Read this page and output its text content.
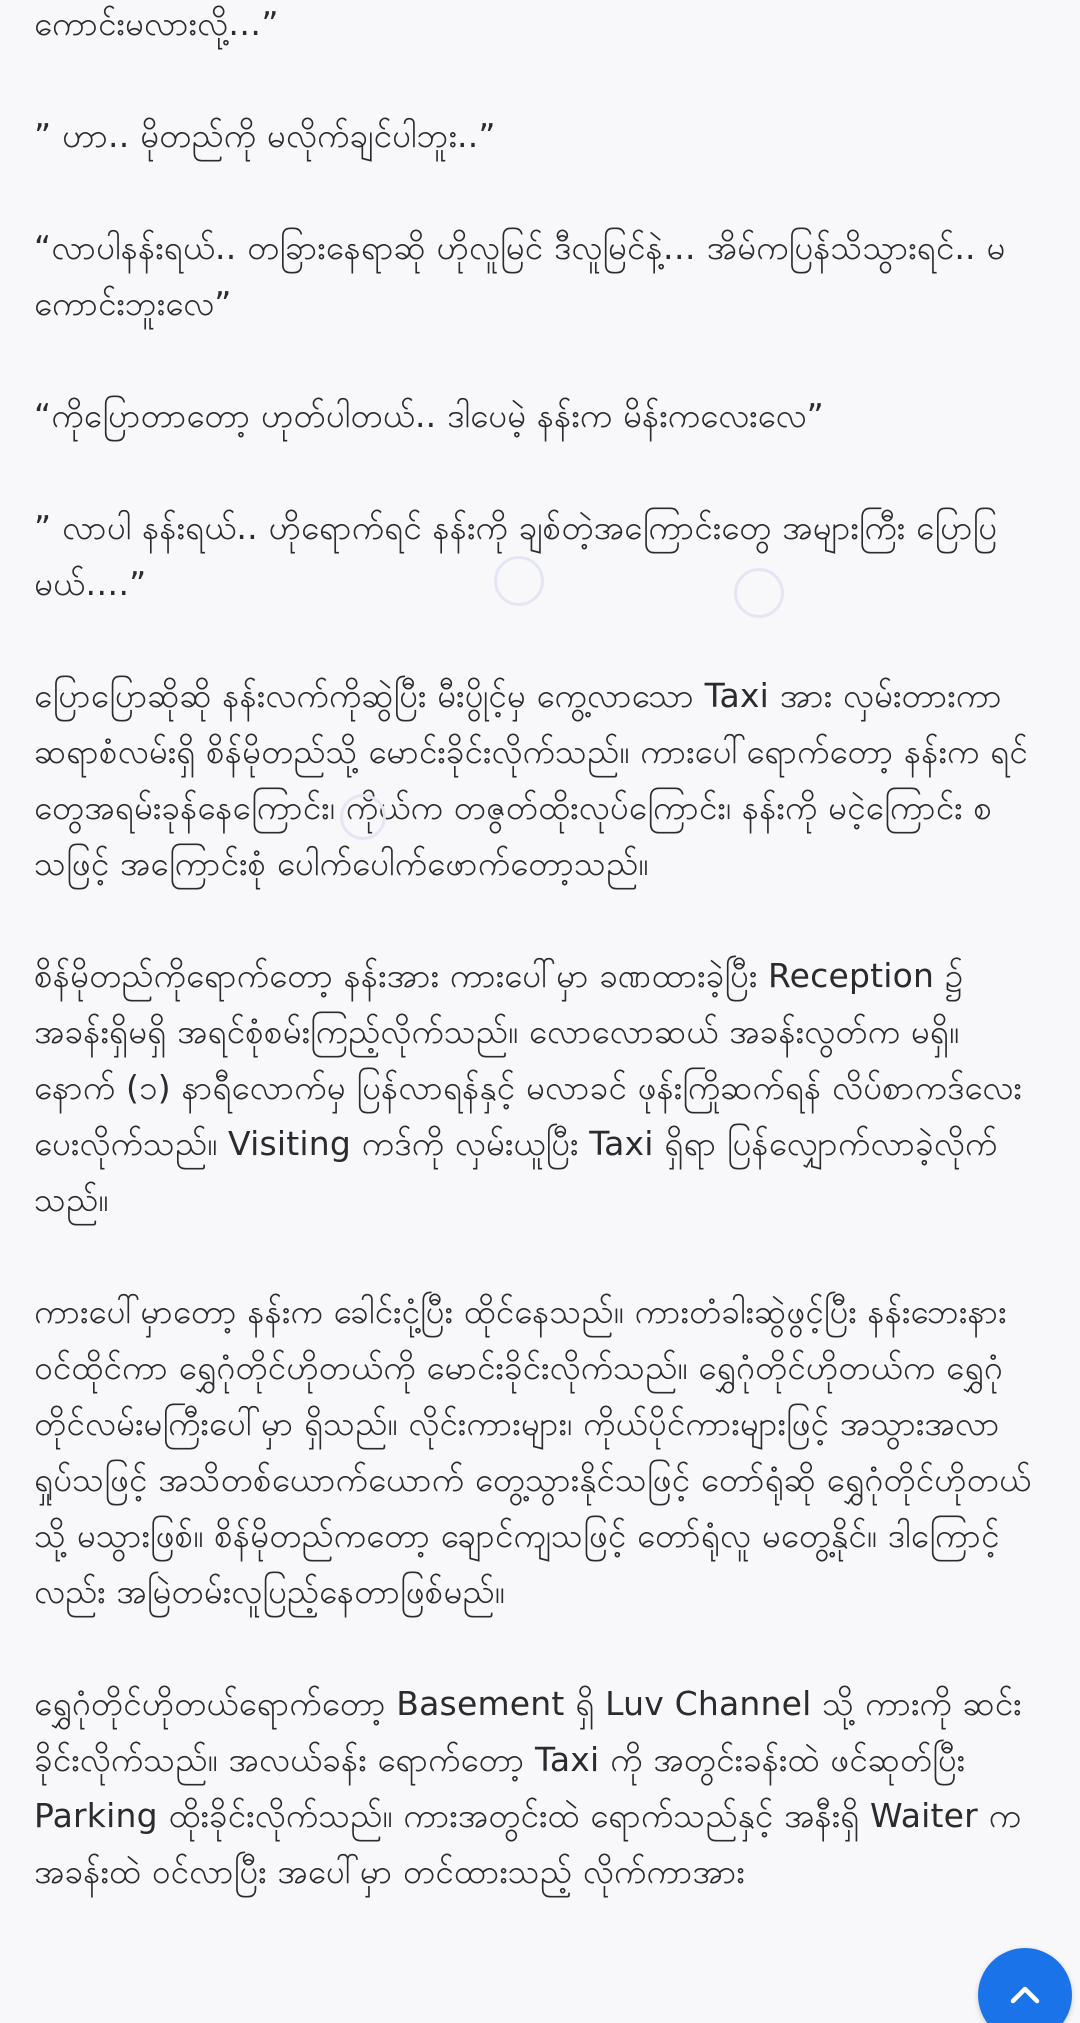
ကောင်းမလားလို့…”

” ဟာ.. မိုတည်ကို မလိုက်ချင်ပါဘူး..”

“လာပါနန်းရယ်.. တခြားနေရာဆို ဟိုလူမြင် ဒီလူမြင်နဲ့… အိမ်ကပြန်သိသွားရင်.. မကောင်းဘူးလေ”

“ကိုပြောတာတော့ ဟုတ်ပါတယ်.. ဒါပေမဲ့ နန်းက မိန်းကလေးလေ”

” လာပါ နန်းရယ်.. ဟိုရောက်ရင် နန်းကို ချစ်တဲ့အကြောင်းတွေ အများကြီး ပြောပြမယ်….”

ပြောပြောဆိုဆို နန်းလက်ကိုဆွဲပြီး မီးပွိုင့်မှ ကွေ့လာသော Taxi အား လှမ်းတားကာ ဆရာစံလမ်းရှိ စိန်မိုတည်သို့ မောင်းခိုင်းလိုက်သည်။ ကားပေါ်ရောက်တော့ နန်းက ရင်တွေအရမ်းခုန်နေကြောင်း၊ ကိုယ်က တဇွတ်ထိုးလုပ်ကြောင်း၊ နန်းကို မငဲ့ကြောင်း စသဖြင့် အကြောင်းစုံ ပေါက်ပေါက်ဖောက်တော့သည်။

စိန်မိုတည်ကိုရောက်တော့ နန်းအား ကားပေါ်မှာ ခဏထားခဲ့ပြီး Reception ၌ အခန်းရှိမရှိ အရင်စုံစမ်းကြည့်လိုက်သည်။ လောလောဆယ် အခန်းလွတ်က မရှိ။ နောက် (၁) နာရီလောက်မှ ပြန်လာရန်နှင့် မလာခင် ဖုန်းကြိုဆက်ရန် လိပ်စာကဒ်လေး ပေးလိုက်သည်။ Visiting ကဒ်ကို လှမ်းယူပြီး Taxi ရှိရာ ပြန်လျှောက်လာခဲ့လိုက်သည်။

ကားပေါ်မှာတော့ နန်းက ခေါင်းငုံ့ပြီး ထိုင်နေသည်။ ကားတံခါးဆွဲဖွင့်ပြီး နန်းဘေးနား ဝင်ထိုင်ကာ ရွှေဂုံတိုင်ဟိုတယ်ကို မောင်းခိုင်းလိုက်သည်။ ရွှေဂုံတိုင်ဟိုတယ်က ရွှေဂုံတိုင်လမ်းမကြီးပေါ်မှာ ရှိသည်။ လိုင်းကားများ၊ ကိုယ်ပိုင်ကားများဖြင့် အသွားအလာ ရှုပ်သဖြင့် အသိတစ်ယောက်ယောက် တွေ့သွားနိုင်သဖြင့် တော်ရုံဆို ရွှေဂုံတိုင်ဟိုတယ်သို့ မသွားဖြစ်။ စိန်မိုတည်ကတော့ ချောင်ကျသဖြင့် တော်ရုံလူ မတွေ့နိုင်။ ဒါကြောင့်လည်း အမြဲတမ်းလူပြည့်နေတာဖြစ်မည်။

ရွှေဂုံတိုင်ဟိုတယ်ရောက်တော့ Basement ရှိ Luv Channel သို့ ကားကို ဆင်းခိုင်းလိုက်သည်။ အလယ်ခန်း ရောက်တော့ Taxi ကို အတွင်းခန်းထဲ ဖင်ဆုတ်ပြီး Parking ထိုးခိုင်းလိုက်သည်။ ကားအတွင်းထဲ ရောက်သည်နှင့် အနီးရှိ Waiter က အခန်းထဲ ဝင်လာပြီး အပေါ်မှာ တင်ထားသည့် လိုက်ကာအား
